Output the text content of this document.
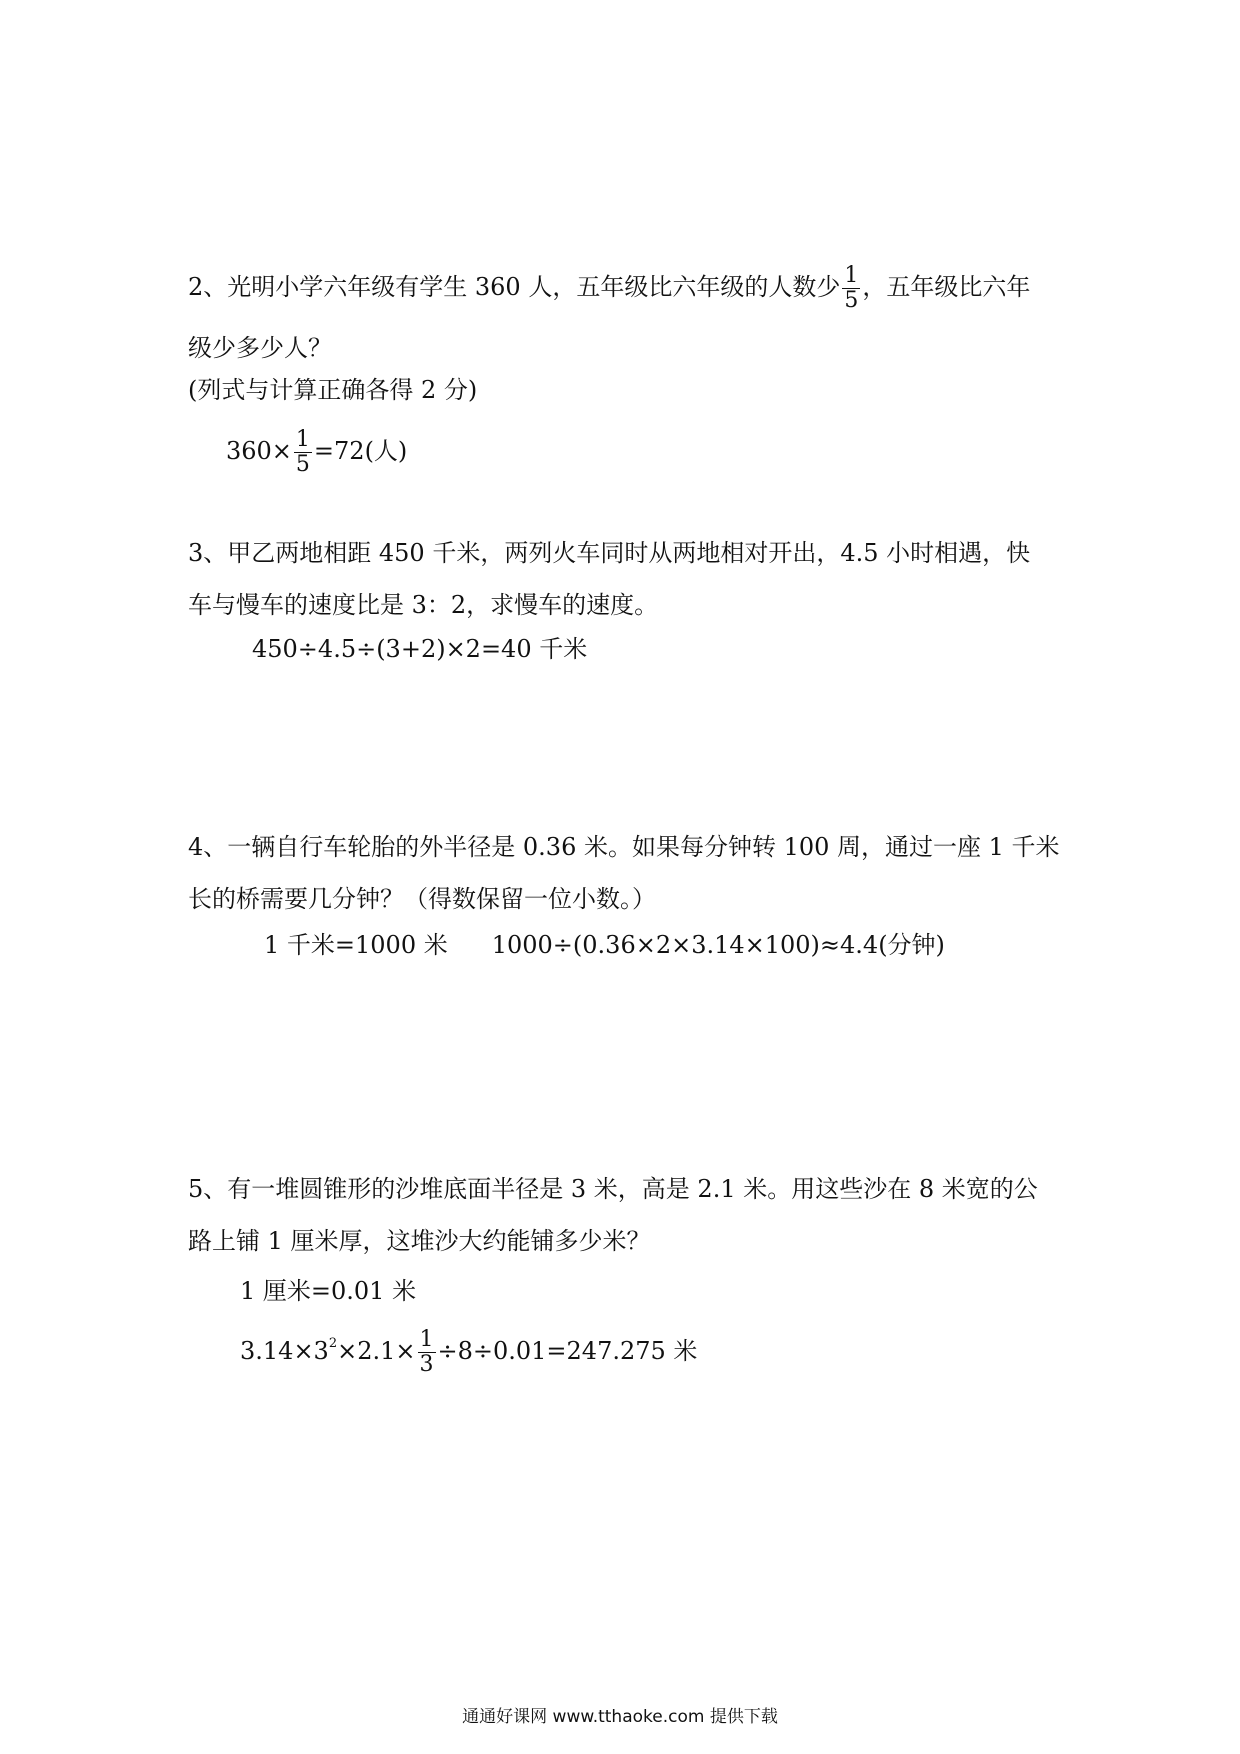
2、光明小学六年级有学生 360 人，五年级比六年级的人数少 $\frac{1}{5}$ ，五年级比六年
级少多少人？
(列式与计算正确各得 2 分)
$360\times \frac{1}{5} =72$(人)
3、甲乙两地相距 450 千米，两列火车同时从两地相对开出，4.5 小时相遇，快
车与慢车的速度比是 3：2，求慢车的速度。
450÷4.5÷(3+2)×2=40 千米
4、一辆自行车轮胎的外半径是 0.36 米。如果每分钟转 100 周，通过一座 1 千米
长的桥需要几分钟？（得数保留一位小数。）
1 千米=1000 米 1000÷(0.36×2×3.14×100)≈4.4(分钟)
5、有一堆圆锥形的沙堆底面半径是 3 米，高是 2.1 米。用这些沙在 8 米宽的公
路上铺 1 厘米厚，这堆沙大约能铺多少米？
1 厘米=0.01 米
$3.14\times 3^2\times 2.1\times \frac{1}{3} \div 8\div 0.01=247.275$ 米
通通好课网 www.tthaoke.com 提供下载
